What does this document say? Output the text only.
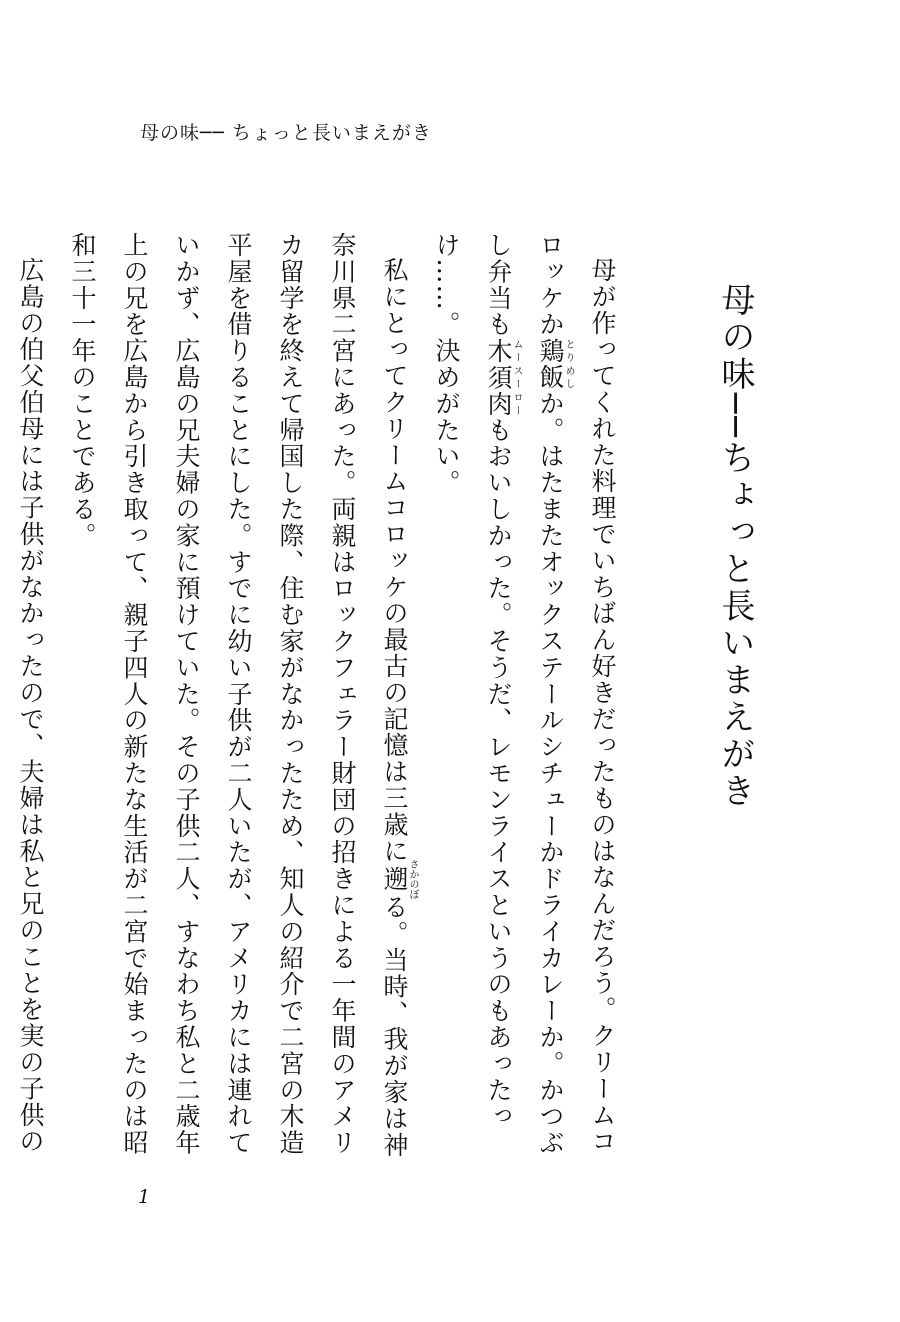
母の味── ちょっと長いまえがき
母の味──ちょっと長いまえがき

母が作ってくれた料理でいちばん好きだったものはなんだろう。クリームコロッケか鶏とり飯めしか。はたまたオックステールシチューかドライカレーか。かつぶし弁当も木須肉ムースーローもおいしかった。そうだ、レモンライスというのもあったっけ……。決めがたい。

私にとってクリームコロッケの最古の記憶は三歳に遡さかのぼる。当時、我が家は神奈川県二宮にあった。両親はロックフェラー財団の招きによる一年間のアメリカ留学を終えて帰国した際、住む家がなかったため、知人の紹介で二宮の木造平屋を借りることにした。すでに幼い子供が二人いたが、アメリカには連れていかず、広島の兄夫婦の家に預けていた。その子供二人、すなわち私と二歳年上の兄を広島から引き取って、親子四人の新たな生活が二宮で始まったのは昭和三十一年のことである。

広島の伯父伯母には子供がなかったので、夫婦は私と兄のことを実の子供の

1
